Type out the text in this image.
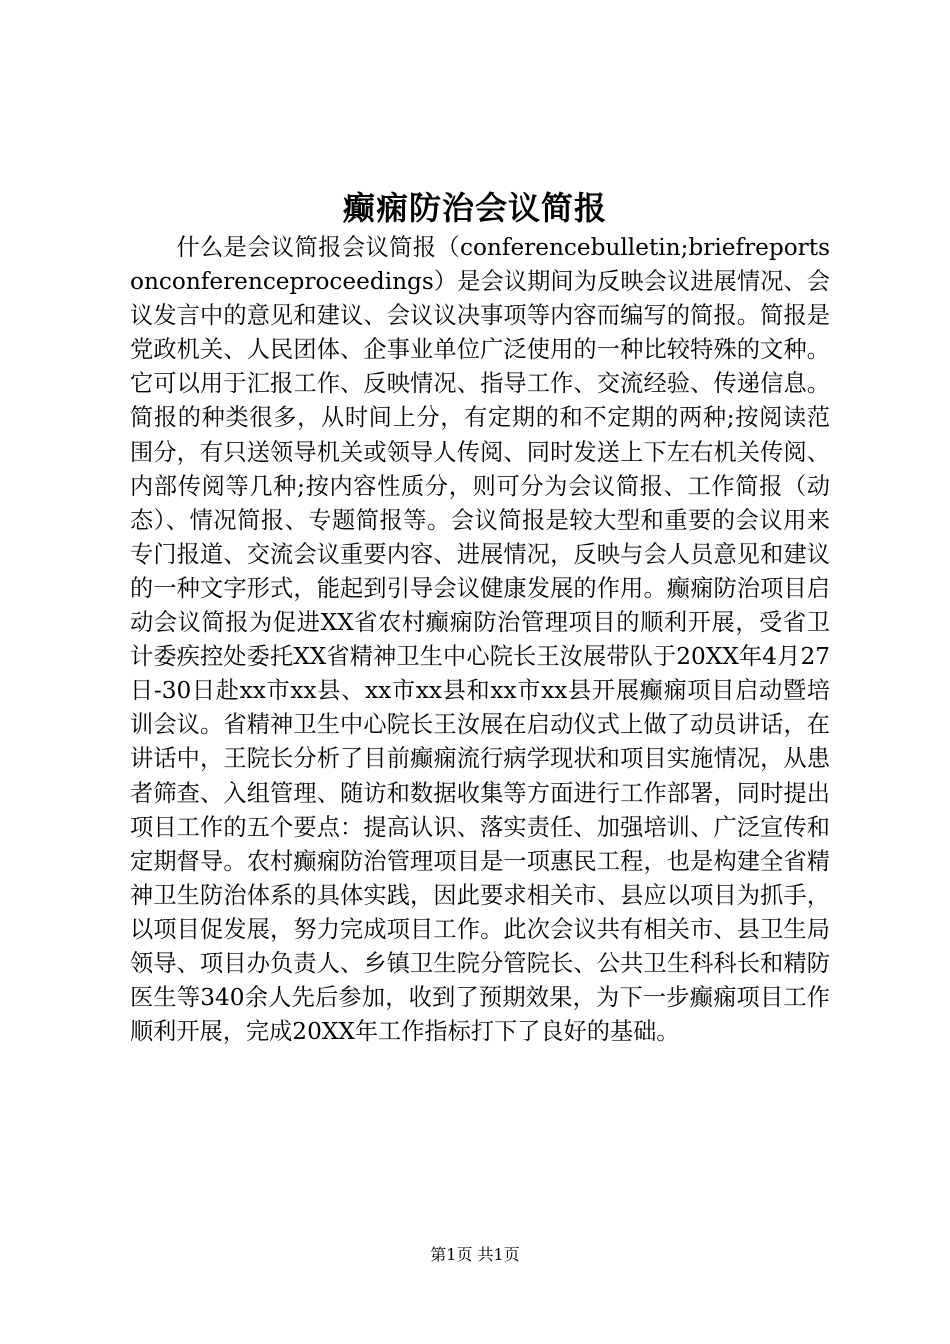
癫痫防治会议简报
什么是会议简报会议简报（conferencebulletin;briefreportsonconferenceproceedings）是会议期间为反映会议进展情况、会议发言中的意见和建议、会议议决事项等内容而编写的简报。简报是党政机关、人民团体、企事业单位广泛使用的一种比较特殊的文种。它可以用于汇报工作、反映情况、指导工作、交流经验、传递信息。简报的种类很多，从时间上分，有定期的和不定期的两种;按阅读范围分，有只送领导机关或领导人传阅、同时发送上下左右机关传阅、内部传阅等几种;按内容性质分，则可分为会议简报、工作简报（动态）、情况简报、专题简报等。会议简报是较大型和重要的会议用来专门报道、交流会议重要内容、进展情况，反映与会人员意见和建议的一种文字形式，能起到引导会议健康发展的作用。癫痫防治项目启动会议简报为促进XX省农村癫痫防治管理项目的顺利开展，受省卫计委疾控处委托XX省精神卫生中心院长王汝展带队于20XX年4月27日-30日赴xx市xx县、xx市xx县和xx市xx县开展癫痫项目启动暨培训会议。省精神卫生中心院长王汝展在启动仪式上做了动员讲话，在讲话中，王院长分析了目前癫痫流行病学现状和项目实施情况，从患者筛查、入组管理、随访和数据收集等方面进行工作部署，同时提出项目工作的五个要点：提高认识、落实责任、加强培训、广泛宣传和定期督导。农村癫痫防治管理项目是一项惠民工程，也是构建全省精神卫生防治体系的具体实践，因此要求相关市、县应以项目为抓手，以项目促发展，努力完成项目工作。此次会议共有相关市、县卫生局领导、项目办负责人、乡镇卫生院分管院长、公共卫生科科长和精防医生等340余人先后参加，收到了预期效果，为下一步癫痫项目工作顺利开展，完成20XX年工作指标打下了良好的基础。
第1页 共1页
